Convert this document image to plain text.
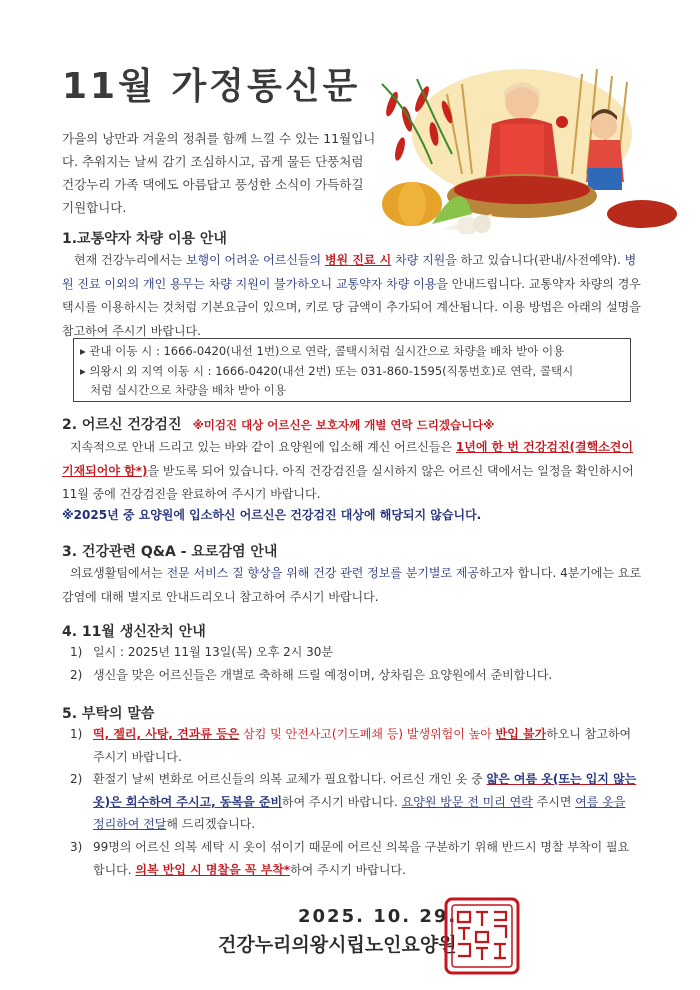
11월 가정통신문
가을의 낭만과 겨울의 정취를 함께 느낄 수 있는 11월입니다. 추워지는 날씨 감기 조심하시고, 곱게 물든 단풍처럼 건강누리 가족 댁에도 아름답고 풍성한 소식이 가득하길 기원합니다.
1.교통약자 차량 이용 안내
현재 건강누리에서는 보행이 어려운 어르신들의 병원 진료 시 차량 지원을 하고 있습니다(관내/사전예약). 병원 진료 이외의 개인 용무는 차량 지원이 불가하오니 교통약자 차량 이용을 안내드립니다. 교통약자 차량의 경우 택시를 이용하시는 것처럼 기본요금이 있으며, 키로 당 금액이 추가되어 계산됩니다. 이용 방법은 아래의 설명을 참고하여 주시기 바랍니다.
▸ 관내 이동 시 : 1666-0420(내선 1번)으로 연락, 콜택시처럼 실시간으로 차량을 배차 받아 이용
▸ 의왕시 외 지역 이동 시 : 1666-0420(내선 2번) 또는 031-860-1595(직통번호)로 연락, 콜택시
처럼 실시간으로 차량을 배차 받아 이용
2. 어르신 건강검진 ※미검진 대상 어르신은 보호자께 개별 연락 드리겠습니다※
지속적으로 안내 드리고 있는 바와 같이 요양원에 입소해 계신 어르신들은 1년에 한 번 건강검진(결핵소견이 기재되어야 함*)을 받도록 되어 있습니다. 아직 건강검진을 실시하지 않은 어르신 댁에서는 일정을 확인하시어 11월 중에 건강검진을 완료하여 주시기 바랍니다.
※2025년 중 요양원에 입소하신 어르신은 건강검진 대상에 해당되지 않습니다.
3. 건강관련 Q&A - 요로감염 안내
의료생활팀에서는 전문 서비스 질 향상을 위해 건강 관련 정보를 분기별로 제공하고자 합니다. 4분기에는 요로감염에 대해 별지로 안내드리오니 참고하여 주시기 바랍니다.
4. 11월 생신잔치 안내
1) 일시 : 2025년 11월 13일(목) 오후 2시 30분
2) 생신을 맞은 어르신들은 개별로 축하해 드릴 예정이며, 상차림은 요양원에서 준비합니다.
5. 부탁의 말씀
1) 떡, 젤리, 사탕, 견과류 등은 삼킴 및 안전사고(기도폐쇄 등) 발생위험이 높아 반입 불가하오니 참고하여 주시기 바랍니다.
2) 환절기 날씨 변화로 어르신들의 의복 교체가 필요합니다. 어르신 개인 옷 중 얇은 여름 옷(또는 입지 않는 옷)은 회수하여 주시고, 동복을 준비하여 주시기 바랍니다. 요양원 방문 전 미리 연락 주시면 여름 옷을 정리하여 전달해 드리겠습니다.
3) 99명의 어르신 의복 세탁 시 옷이 섞이기 때문에 어르신 의복을 구분하기 위해 반드시 명찰 부착이 필요합니다. 의복 반입 시 명찰을 꼭 부착*하여 주시기 바랍니다.
2025. 10. 29.
건강누리의왕시립노인요양원
